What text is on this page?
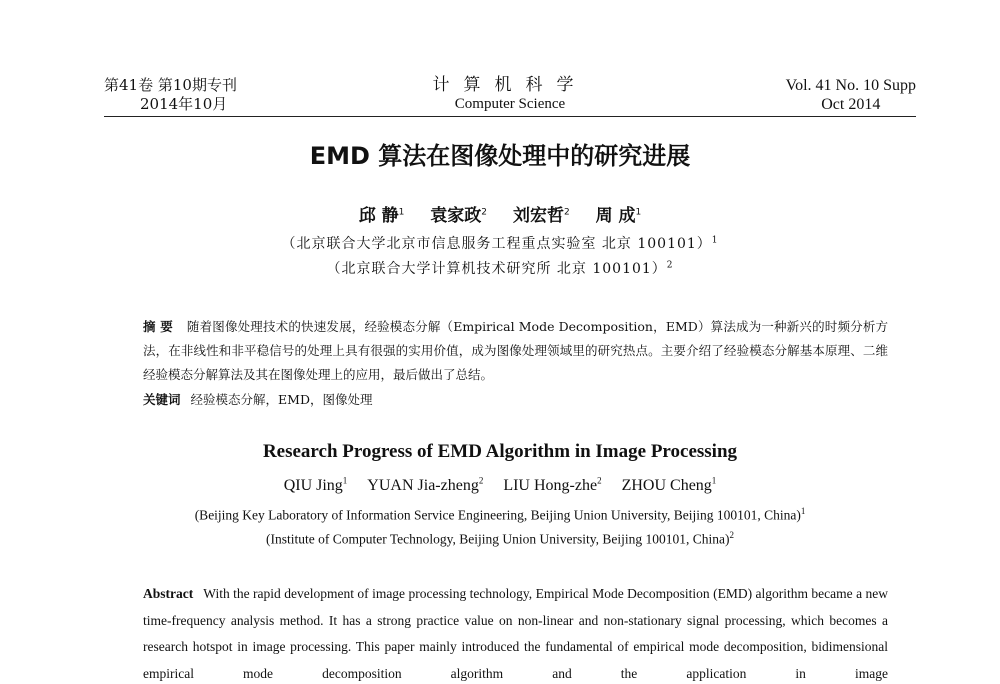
第41卷 第10期专刊
2014年10月
计算机科学
Computer Science
Vol. 41 No. 10 Supp
Oct 2014
EMD 算法在图像处理中的研究进展
邱 静$^1$ 袁家政$^2$ 刘宏哲$^2$ 周 成$^1$
（北京联合大学北京市信息服务工程重点实验室 北京 100101）$^1$
（北京联合大学计算机技术研究所 北京 100101）$^2$
摘 要 随着图像处理技术的快速发展，经验模态分解（Empirical Mode Decomposition，EMD）算法成为一种新兴的时频分析方法，在非线性和非平稳信号的处理上具有很强的实用价值，成为图像处理领域里的研究热点。主要介绍了经验模态分解基本原理、二维经验模态分解算法及其在图像处理上的应用，最后做出了总结。
关键词 经验模态分解，EMD，图像处理
Research Progress of EMD Algorithm in Image Processing
QIU Jing$^1$ YUAN Jia-zheng$^2$ LIU Hong-zhe$^2$ ZHOU Cheng$^1$
(Beijing Key Laboratory of Information Service Engineering, Beijing Union University, Beijing 100101, China)$^1$
(Institute of Computer Technology, Beijing Union University, Beijing 100101, China)$^2$
Abstract With the rapid development of image processing technology, Empirical Mode Decomposition (EMD) algorithm became a new time-frequency analysis method. It has a strong practice value on non-linear and non-stationary signal processing, which becomes a research hotspot in image processing. This paper mainly introduced the fundamental of empirical mode decomposition, bidimensional empirical mode decomposition algorithm and the application in image
